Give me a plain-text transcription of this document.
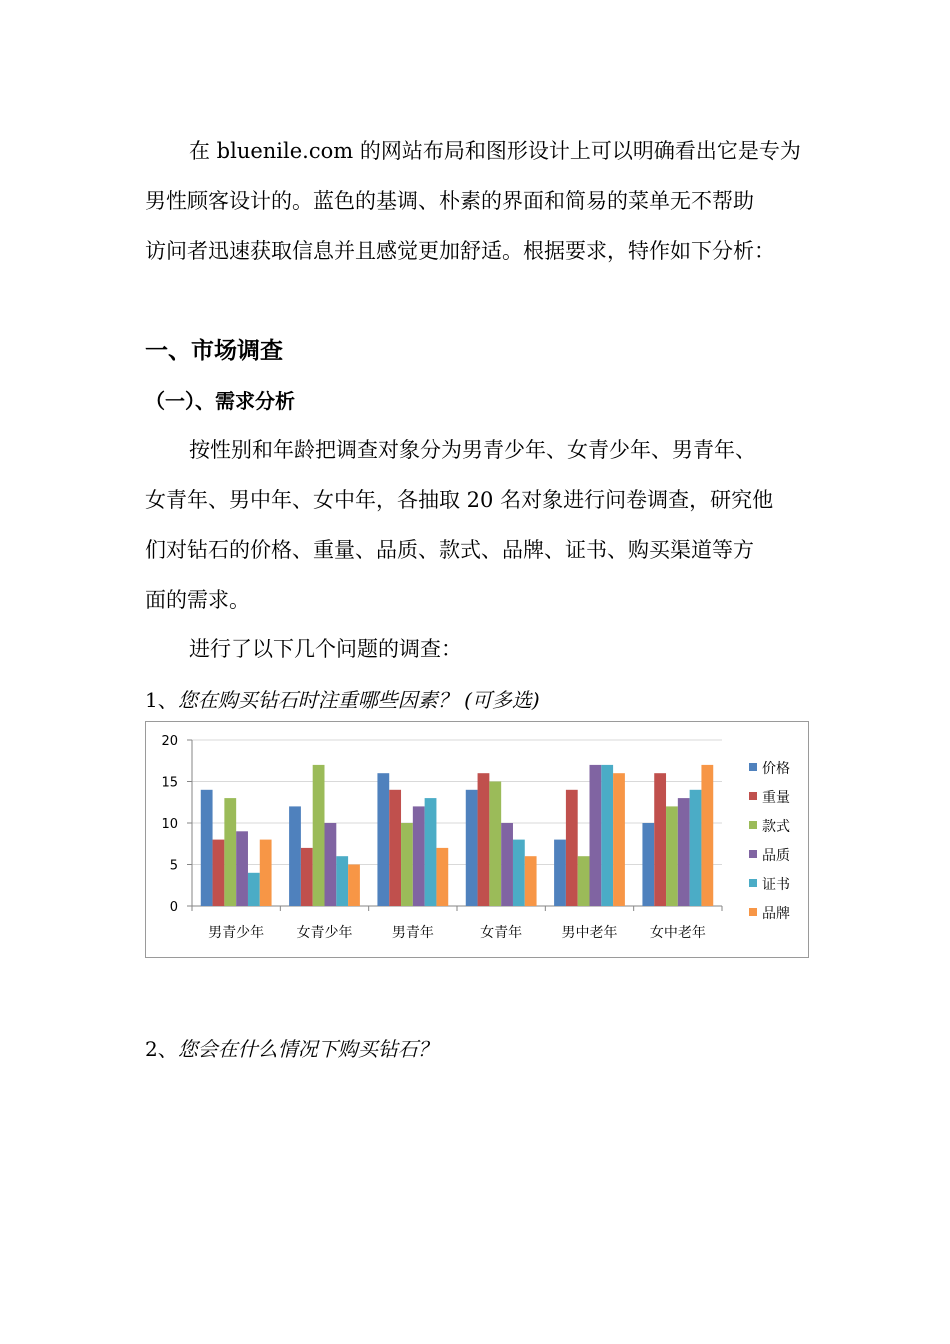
在 bluenile.com 的网站布局和图形设计上可以明确看出它是专为
男性顾客设计的。蓝色的基调、朴素的界面和简易的菜单无不帮助
访问者迅速获取信息并且感觉更加舒适。根据要求，特作如下分析：

一、市场调查
（一）、需求分析

按性别和年龄把调查对象分为男青少年、女青少年、男青年、
女青年、男中年、女中年，各抽取 20 名对象进行问卷调查，研究他
们对钻石的价格、重量、品质、款式、品牌、证书、购买渠道等方
面的需求。

进行了以下几个问题的调查：

1、您在购买钻石时注重哪些因素？ (可多选)
0
5
10
15
20
男青少年 女青少年	男青年	女青年	男中老年 女中老年
价格
重量
款式
品质
证书
品牌
2、您会在什么情况下购买钻石？
